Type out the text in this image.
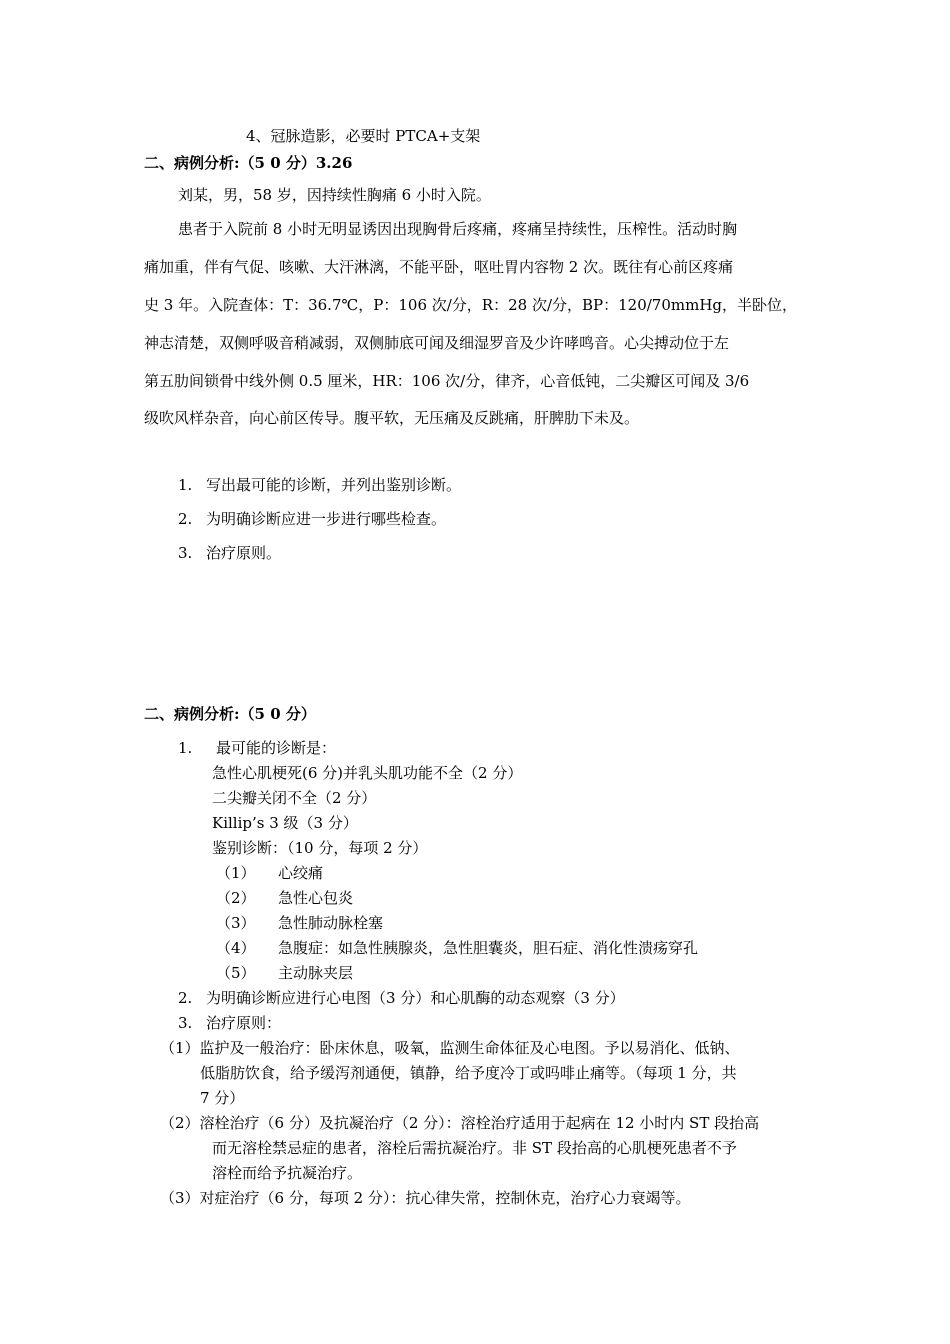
4、冠脉造影，必要时 PTCA+支架
二、病例分析:（5 0 分）3.26
刘某，男，58 岁，因持续性胸痛 6 小时入院。
患者于入院前 8 小时无明显诱因出现胸骨后疼痛，疼痛呈持续性，压榨性。活动时胸
痛加重，伴有气促、咳嗽、大汗淋漓，不能平卧，呕吐胃内容物 2 次。既往有心前区疼痛
史 3 年。入院查体：T：36.7℃，P：106 次/分，R：28 次/分，BP：120/70mmHg，半卧位，
神志清楚，双侧呼吸音稍减弱，双侧肺底可闻及细湿罗音及少许哮鸣音。心尖搏动位于左
第五肋间锁骨中线外侧 0.5 厘米，HR：106 次/分，律齐，心音低钝，二尖瓣区可闻及 3/6
级吹风样杂音，向心前区传导。腹平软，无压痛及反跳痛，肝脾肋下未及。
1. 写出最可能的诊断，并列出鉴别诊断。
2. 为明确诊断应进一步进行哪些检查。
3. 治疗原则。
二、病例分析:（5 0 分）
1. 最可能的诊断是：
急性心肌梗死(6 分)并乳头肌功能不全（2 分）
二尖瓣关闭不全（2 分）
Killip’s 3 级（3 分）
鉴别诊断：（10 分，每项 2 分）
（1） 心绞痛
（2） 急性心包炎
（3） 急性肺动脉栓塞
（4） 急腹症：如急性胰腺炎，急性胆囊炎，胆石症、消化性溃疡穿孔
（5） 主动脉夹层
2. 为明确诊断应进行心电图（3 分）和心肌酶的动态观察（3 分）
3. 治疗原则：
（1）监护及一般治疗：卧床休息，吸氧，监测生命体征及心电图。予以易消化、低钠、
低脂肪饮食，给予缓泻剂通便，镇静，给予度冷丁或吗啡止痛等。（每项 1 分，共
7 分）
（2）溶栓治疗（6 分）及抗凝治疗（2 分）：溶栓治疗适用于起病在 12 小时内 ST 段抬高
而无溶栓禁忌症的患者，溶栓后需抗凝治疗。非 ST 段抬高的心肌梗死患者不予
溶栓而给予抗凝治疗。
（3）对症治疗（6 分，每项 2 分）：抗心律失常，控制休克，治疗心力衰竭等。
